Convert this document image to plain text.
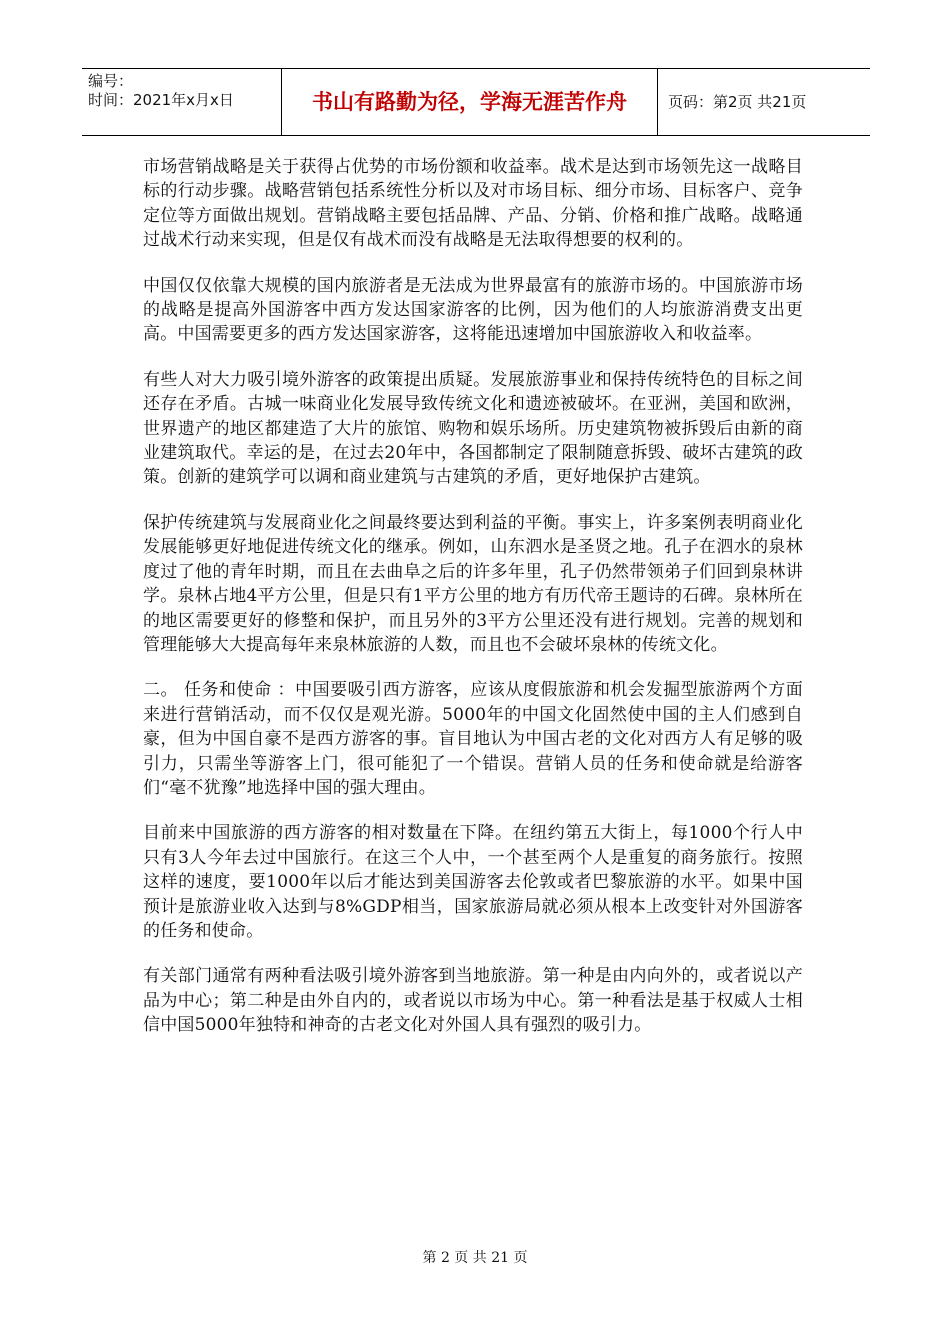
编号：
时间：2021年x月x日	书山有路勤为径，学海无涯苦作舟	页码：第2页 共21页

市场营销战略是关于获得占优势的市场份额和收益率。战术是达到市场领先这一战略目标的行动步骤。战略营销包括系统性分析以及对市场目标、细分市场、目标客户、竞争定位等方面做出规划。营销战略主要包括品牌、产品、分销、价格和推广战略。战略通过战术行动来实现，但是仅有战术而没有战略是无法取得想要的权利的。

中国仅仅依靠大规模的国内旅游者是无法成为世界最富有的旅游市场的。中国旅游市场的战略是提高外国游客中西方发达国家游客的比例，因为他们的人均旅游消费支出更高。中国需要更多的西方发达国家游客，这将能迅速增加中国旅游收入和收益率。

有些人对大力吸引境外游客的政策提出质疑。发展旅游事业和保持传统特色的目标之间还存在矛盾。古城一味商业化发展导致传统文化和遗迹被破坏。在亚洲，美国和欧洲，世界遗产的地区都建造了大片的旅馆、购物和娱乐场所。历史建筑物被拆毁后由新的商业建筑取代。幸运的是，在过去20年中，各国都制定了限制随意拆毁、破坏古建筑的政策。创新的建筑学可以调和商业建筑与古建筑的矛盾，更好地保护古建筑。

保护传统建筑与发展商业化之间最终要达到利益的平衡。事实上，许多案例表明商业化发展能够更好地促进传统文化的继承。例如，山东泗水是圣贤之地。孔子在泗水的泉林度过了他的青年时期，而且在去曲阜之后的许多年里，孔子仍然带领弟子们回到泉林讲学。泉林占地4平方公里，但是只有1平方公里的地方有历代帝王题诗的石碑。泉林所在的地区需要更好的修整和保护，而且另外的3平方公里还没有进行规划。完善的规划和管理能够大大提高每年来泉林旅游的人数，而且也不会破坏泉林的传统文化。

二。 任务和使命 ：中国要吸引西方游客，应该从度假旅游和机会发掘型旅游两个方面来进行营销活动，而不仅仅是观光游。5000年的中国文化固然使中国的主人们感到自豪，但为中国自豪不是西方游客的事。盲目地认为中国古老的文化对西方人有足够的吸引力，只需坐等游客上门，很可能犯了一个错误。营销人员的任务和使命就是给游客们“毫不犹豫”地选择中国的强大理由。

目前来中国旅游的西方游客的相对数量在下降。在纽约第五大街上，每1000个行人中只有3人今年去过中国旅行。在这三个人中，一个甚至两个人是重复的商务旅行。按照这样的速度，要1000年以后才能达到美国游客去伦敦或者巴黎旅游的水平。如果中国预计是旅游业收入达到与8%GDP相当，国家旅游局就必须从根本上改变针对外国游客的任务和使命。

有关部门通常有两种看法吸引境外游客到当地旅游。第一种是由内向外的，或者说以产品为中心；第二种是由外自内的，或者说以市场为中心。第一种看法是基于权威人士相信中国5000年独特和神奇的古老文化对外国人具有强烈的吸引力。

第 2 页 共 21 页
